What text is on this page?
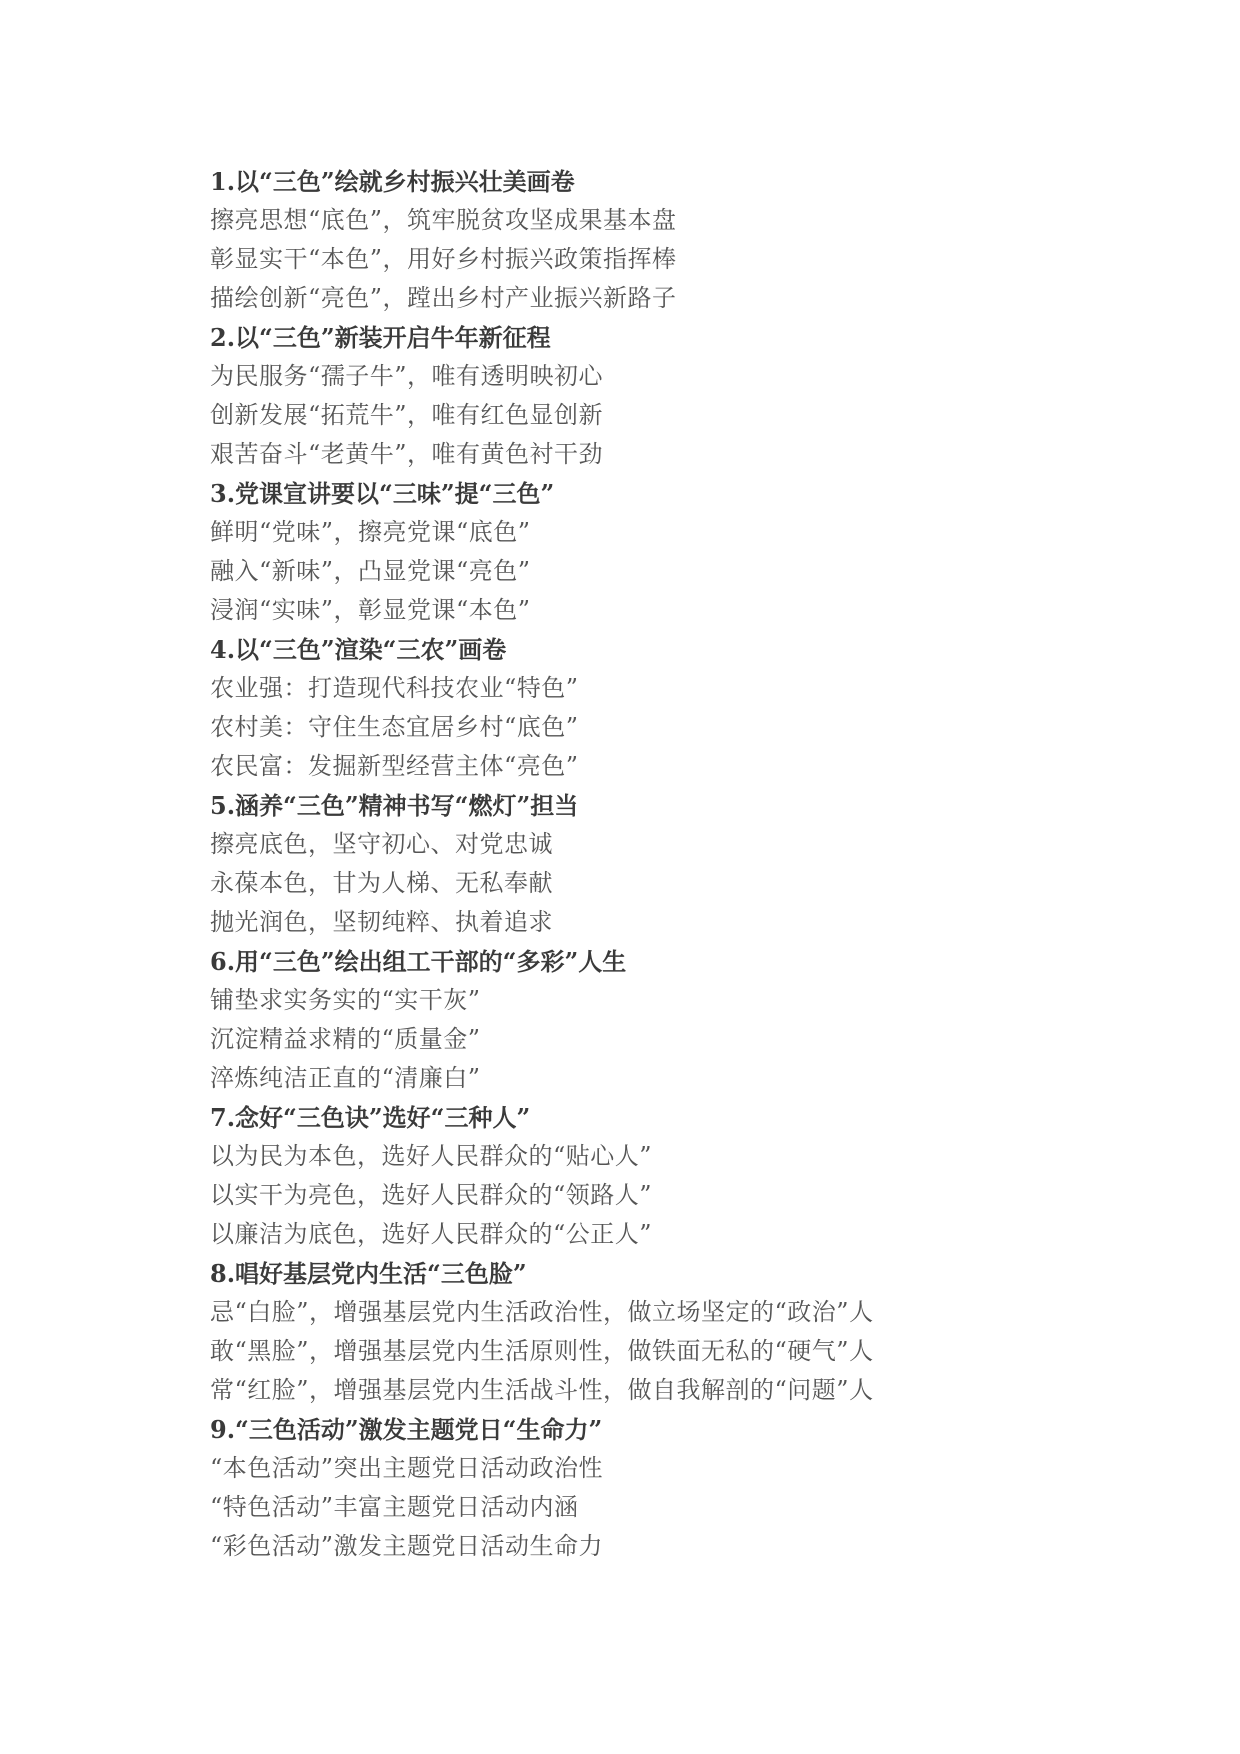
1.以“三色”绘就乡村振兴壮美画卷
擦亮思想“底色”，筑牢脱贫攻坚成果基本盘
彰显实干“本色”，用好乡村振兴政策指挥棒
描绘创新“亮色”，蹚出乡村产业振兴新路子
2.以“三色”新装开启牛年新征程
为民服务“孺子牛”，唯有透明映初心
创新发展“拓荒牛”，唯有红色显创新
艰苦奋斗“老黄牛”，唯有黄色衬干劲
3.党课宣讲要以“三味”提“三色”
鲜明“党味”，擦亮党课“底色”
融入“新味”，凸显党课“亮色”
浸润“实味”，彰显党课“本色”
4.以“三色”渲染“三农”画卷
农业强：打造现代科技农业“特色”
农村美：守住生态宜居乡村“底色”
农民富：发掘新型经营主体“亮色”
5.涵养“三色”精神书写“燃灯”担当
擦亮底色，坚守初心、对党忠诚
永葆本色，甘为人梯、无私奉献
抛光润色，坚韧纯粹、执着追求
6.用“三色”绘出组工干部的“多彩”人生
铺垫求实务实的“实干灰”
沉淀精益求精的“质量金”
淬炼纯洁正直的“清廉白”
7.念好“三色诀”选好“三种人”
以为民为本色，选好人民群众的“贴心人”
以实干为亮色，选好人民群众的“领路人”
以廉洁为底色，选好人民群众的“公正人”
8.唱好基层党内生活“三色脸”
忌“白脸”，增强基层党内生活政治性，做立场坚定的“政治”人
敢“黑脸”，增强基层党内生活原则性，做铁面无私的“硬气”人
常“红脸”，增强基层党内生活战斗性，做自我解剖的“问题”人
9.“三色活动”激发主题党日“生命力”
“本色活动”突出主题党日活动政治性
“特色活动”丰富主题党日活动内涵
“彩色活动”激发主题党日活动生命力
